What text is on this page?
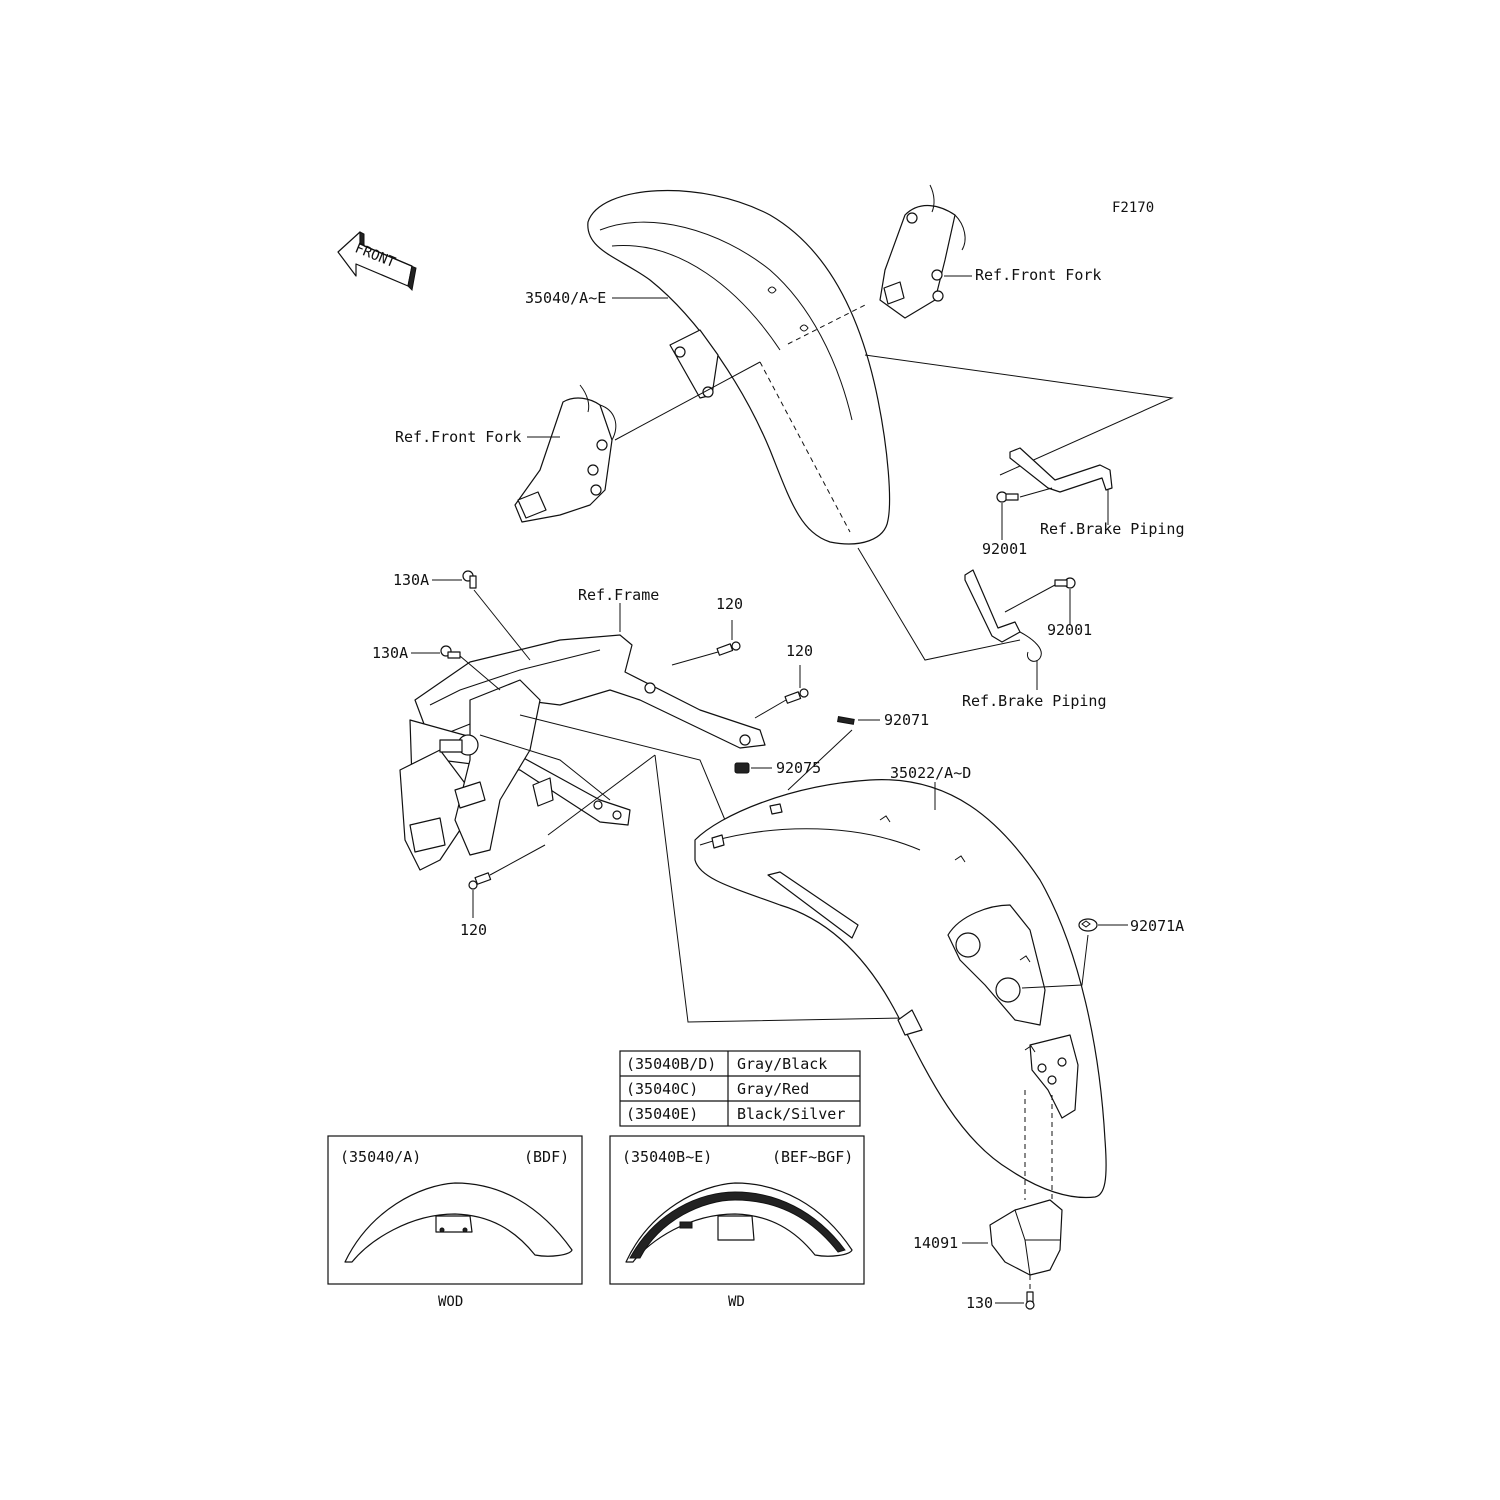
F2170
FRONT
35040/A~E
Ref.Front Fork
Ref.Front Fork
92001
Ref.Brake Piping
92001
Ref.Brake Piping
Ref.Frame
130A
130A
120
120
120
92071
92075	35022/A~D
92071A
(35040B/D) Gray/Black
(35040C)	Gray/Red
(35040E)	Black/Silver
14091
130
(35040/A)	(BDF)
WOD
(35040B~E)	(BEF~BGF)
WD
